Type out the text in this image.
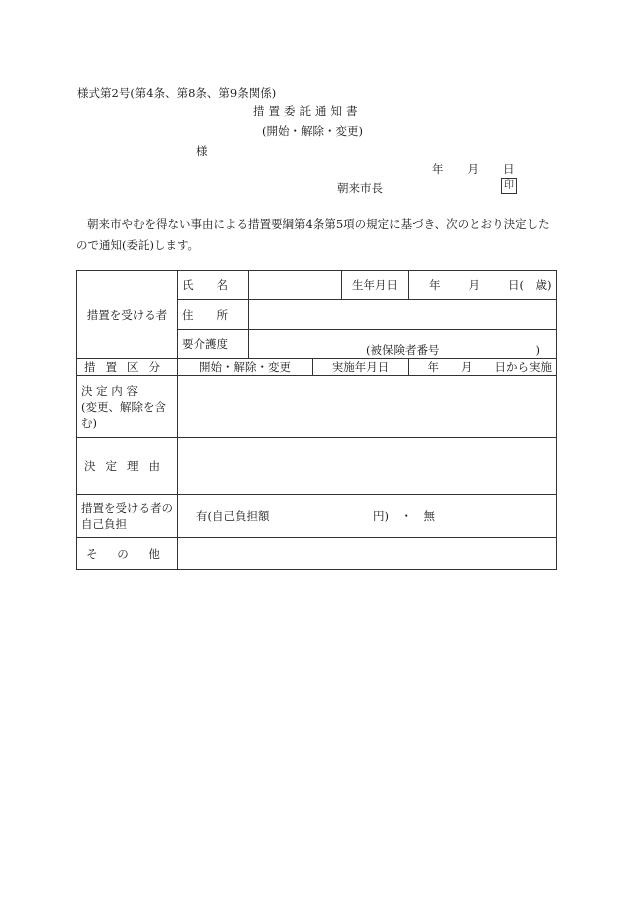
様式第2号(第4条、第8条、第9条関係)
措置委託通知書
(開始・解除・変更)
様
年 月 日
朝来市長	印
朝来市やむを得ない事由による措置要綱第4条第5項の規定に基づき、次のとおり決定したので通知(委託)します。
措置を受ける者	氏　　名			生年月日	年 月 日(　歳)
	住　　所				
	要介護度	(被保険者番号 )			
措置区分	開始・解除・変更		実施年月日		年 月 日から実施

決 定 内 容
(変更、解除を含む)					

決定理由					
措置を受ける者の自己負担	有(自己負担額　　　　　　　　　円)　・　無				
そ の 他					
